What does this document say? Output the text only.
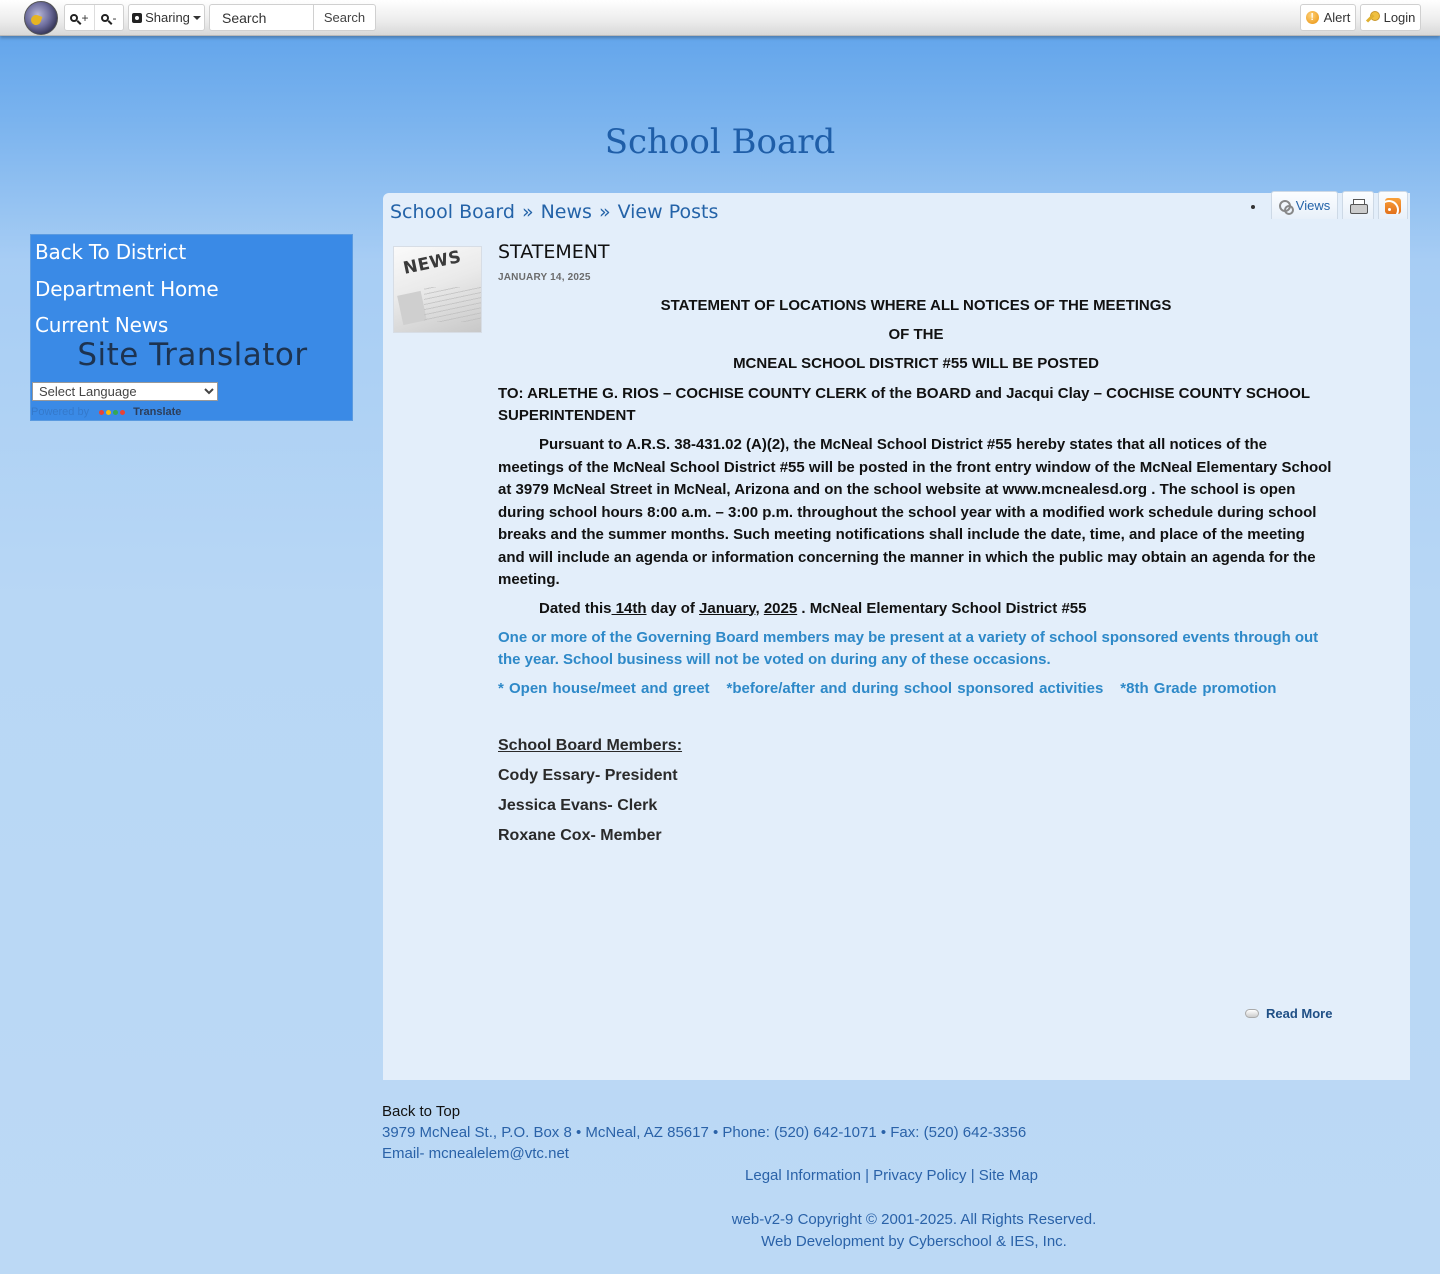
+ - Sharing
Search	Search	! Alert	Login
School Board
Back To District
Department Home
Current News
Site Translator
Select Language
Powered by	Translate
School Board » News » View Posts	Views
NEWS STATEMENT
JANUARY 14, 2025

STATEMENT OF LOCATIONS WHERE ALL NOTICES OF THE MEETINGS

OF THE

MCNEAL SCHOOL DISTRICT #55 WILL BE POSTED

TO: ARLETHE G. RIOS – COCHISE COUNTY CLERK of the BOARD and Jacqui Clay – COCHISE COUNTY SCHOOL SUPERINTENDENT

Pursuant to A.R.S. 38-431.02 (A)(2), the McNeal School District #55 hereby states that all notices of the meetings of the McNeal School District #55 will be posted in the front entry window of the McNeal Elementary School at 3979 McNeal Street in McNeal, Arizona and on the school website at www.mcnealesd.org . The school is open during school hours 8:00 a.m. – 3:00 p.m. throughout the school year with a modified work schedule during school breaks and the summer months. Such meeting notifications shall include the date, time, and place of the meeting and will include an agenda or information concerning the manner in which the public may obtain an agenda for the meeting.

Dated this 14th day of January, 2025 . McNeal Elementary School District #55

One or more of the Governing Board members may be present at a variety of school sponsored events through out the year. School business will not be voted on during any of these occasions.

* Open house/meet and greet *before/after and during school sponsored activities *8th Grade promotion

School Board Members:

Cody Essary- President

Jessica Evans- Clerk

Roxane Cox- Member

Read More
Back to Top
3979 McNeal St., P.O. Box 8 • McNeal, AZ 85617 • Phone: (520) 642-1071 • Fax: (520) 642-3356
Email- mcnealelem@vtc.net
Legal Information | Privacy Policy | Site Map
web-v2-9 Copyright © 2001-2025. All Rights Reserved.
Web Development by Cyberschool & IES, Inc.
